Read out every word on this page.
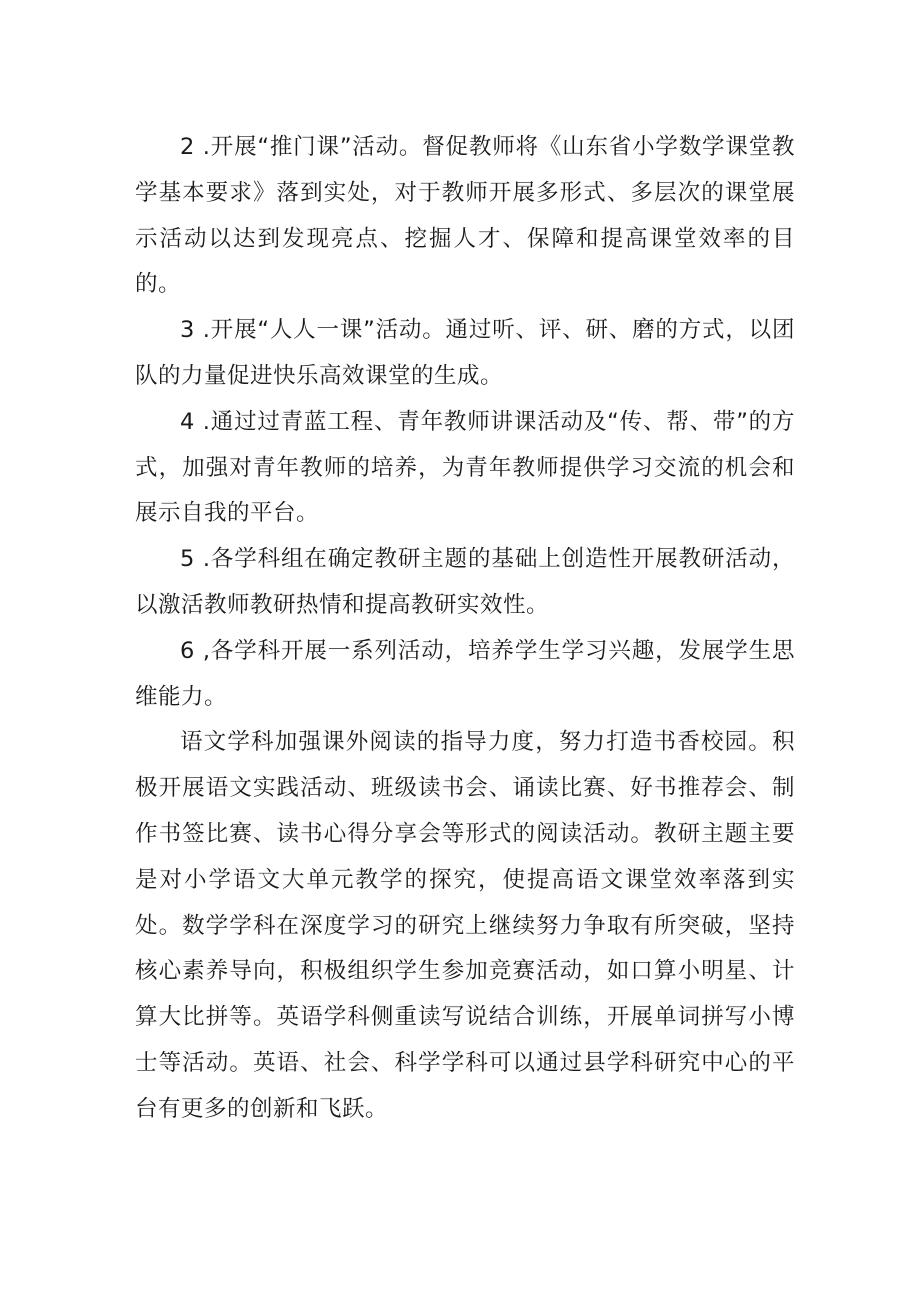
2 .开展“推门课”活动。督促教师将《山东省小学数学课堂教学基本要求》落到实处，对于教师开展多形式、多层次的课堂展示活动以达到发现亮点、挖掘人才、保障和提高课堂效率的目的。

3 .开展“人人一课”活动。通过听、评、研、磨的方式，以团队的力量促进快乐高效课堂的生成。

4 .通过过青蓝工程、青年教师讲课活动及“传、帮、带”的方式，加强对青年教师的培养，为青年教师提供学习交流的机会和展示自我的平台。

5 .各学科组在确定教研主题的基础上创造性开展教研活动，以激活教师教研热情和提高教研实效性。

6 ,各学科开展一系列活动，培养学生学习兴趣，发展学生思维能力。

语文学科加强课外阅读的指导力度，努力打造书香校园。积极开展语文实践活动、班级读书会、诵读比赛、好书推荐会、制作书签比赛、读书心得分享会等形式的阅读活动。教研主题主要是对小学语文大单元教学的探究，使提高语文课堂效率落到实处。数学学科在深度学习的研究上继续努力争取有所突破，坚持核心素养导向，积极组织学生参加竞赛活动，如口算小明星、计算大比拼等。英语学科侧重读写说结合训练，开展单词拼写小博士等活动。英语、社会、科学学科可以通过县学科研究中心的平台有更多的创新和飞跃。
